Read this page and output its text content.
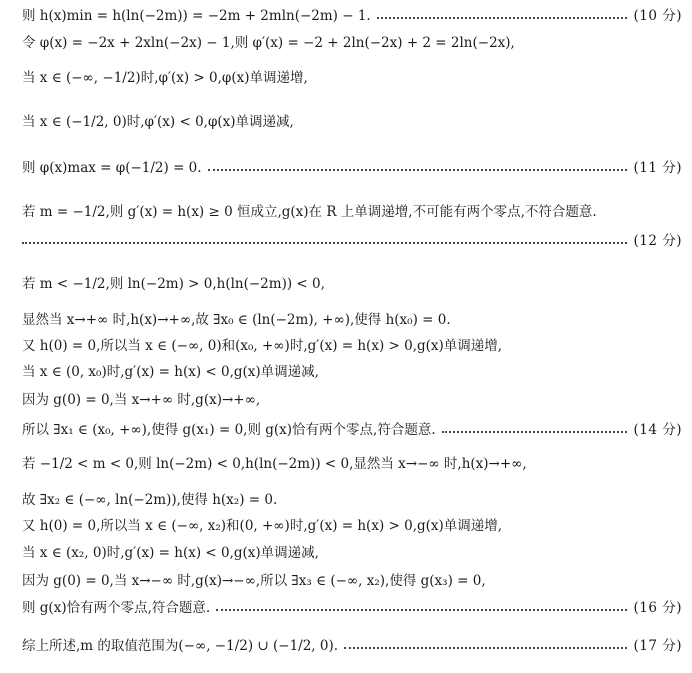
则 h(x)min = h(ln(−2m)) = −2m + 2mln(−2m) − 1.	(10 分)
令 φ(x) = −2x + 2xln(−2x) − 1,则 φ′(x) = −2 + 2ln(−2x) + 2 = 2ln(−2x),
当 x ∈ (−∞, −1/2)时,φ′(x) > 0,φ(x)单调递增,
当 x ∈ (−1/2, 0)时,φ′(x) < 0,φ(x)单调递减,
则 φ(x)max = φ(−1/2) = 0.	(11 分)
若 m = −1/2,则 g′(x) = h(x) ≥ 0 恒成立,g(x)在 R 上单调递增,不可能有两个零点,不符合题意.
(12 分)
若 m < −1/2,则 ln(−2m) > 0,h(ln(−2m)) < 0,
显然当 x→+∞ 时,h(x)→+∞,故 ∃x₀ ∈ (ln(−2m), +∞),使得 h(x₀) = 0.
又 h(0) = 0,所以当 x ∈ (−∞, 0)和(x₀, +∞)时,g′(x) = h(x) > 0,g(x)单调递增,
当 x ∈ (0, x₀)时,g′(x) = h(x) < 0,g(x)单调递减,
因为 g(0) = 0,当 x→+∞ 时,g(x)→+∞,
所以 ∃x₁ ∈ (x₀, +∞),使得 g(x₁) = 0,则 g(x)恰有两个零点,符合题意.	(14 分)
若 −1/2 < m < 0,则 ln(−2m) < 0,h(ln(−2m)) < 0,显然当 x→−∞ 时,h(x)→+∞,
故 ∃x₂ ∈ (−∞, ln(−2m)),使得 h(x₂) = 0.
又 h(0) = 0,所以当 x ∈ (−∞, x₂)和(0, +∞)时,g′(x) = h(x) > 0,g(x)单调递增,
当 x ∈ (x₂, 0)时,g′(x) = h(x) < 0,g(x)单调递减,
因为 g(0) = 0,当 x→−∞ 时,g(x)→−∞,所以 ∃x₃ ∈ (−∞, x₂),使得 g(x₃) = 0,
则 g(x)恰有两个零点,符合题意.	(16 分)
综上所述,m 的取值范围为(−∞, −1/2) ∪ (−1/2, 0).	(17 分)
